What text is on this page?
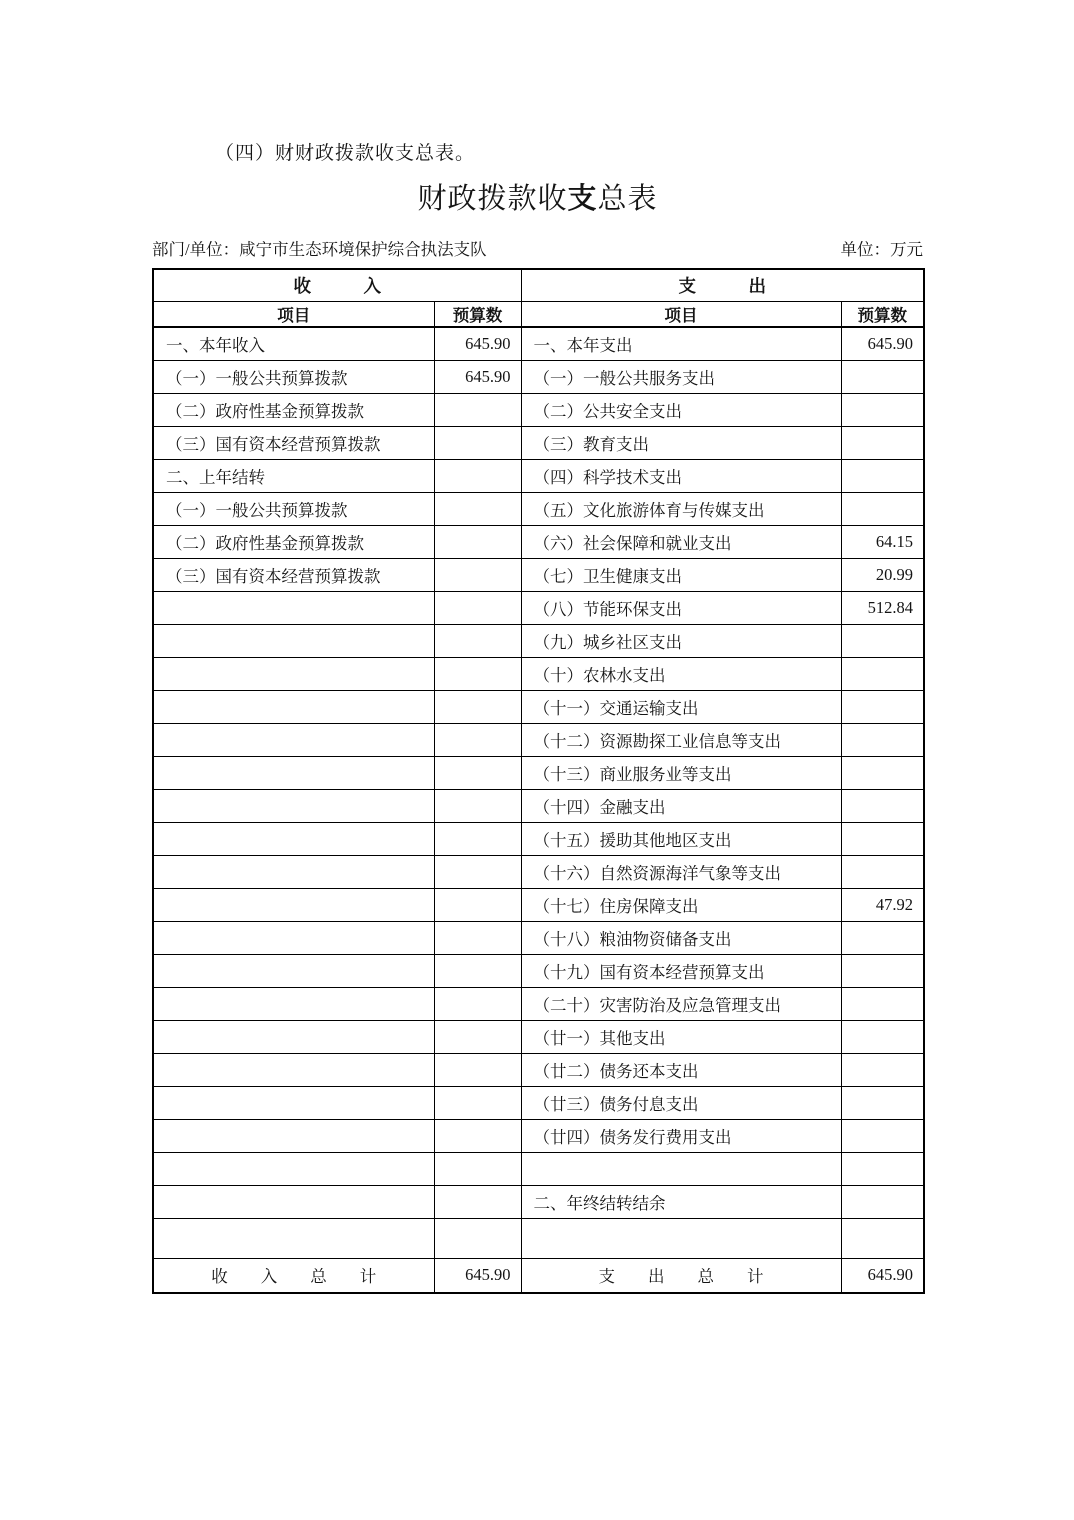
（四）财财政拨款收支总表。

财政拨款收支总表
部门/单位：咸宁市生态环境保护综合执法支队	单位：万元
收　　　入		支　　　出	
项目	预算数	项目	预算数
一、本年收入	645.90	一、本年支出	645.90
（一）一般公共预算拨款	645.90	（一）一般公共服务支出	
（二）政府性基金预算拨款		（二）公共安全支出	
（三）国有资本经营预算拨款		（三）教育支出	
二、上年结转		（四）科学技术支出	
（一）一般公共预算拨款		（五）文化旅游体育与传媒支出	
（二）政府性基金预算拨款		（六）社会保障和就业支出	64.15
（三）国有资本经营预算拨款		（七）卫生健康支出	20.99
		（八）节能环保支出	512.84
		（九）城乡社区支出	
		（十）农林水支出	
		（十一）交通运输支出	
		（十二）资源勘探工业信息等支出	
		（十三）商业服务业等支出	
		（十四）金融支出	
		（十五）援助其他地区支出	
		（十六）自然资源海洋气象等支出	
		（十七）住房保障支出	47.92
		（十八）粮油物资储备支出	
		（十九）国有资本经营预算支出	
		（二十）灾害防治及应急管理支出	
		（廿一）其他支出	
		（廿二）债务还本支出	
		（廿三）债务付息支出	
		（廿四）债务发行费用支出	

		二、年终结转结余	

收　　入　　总　　计	645.90	支　　出　　总　　计	645.90
